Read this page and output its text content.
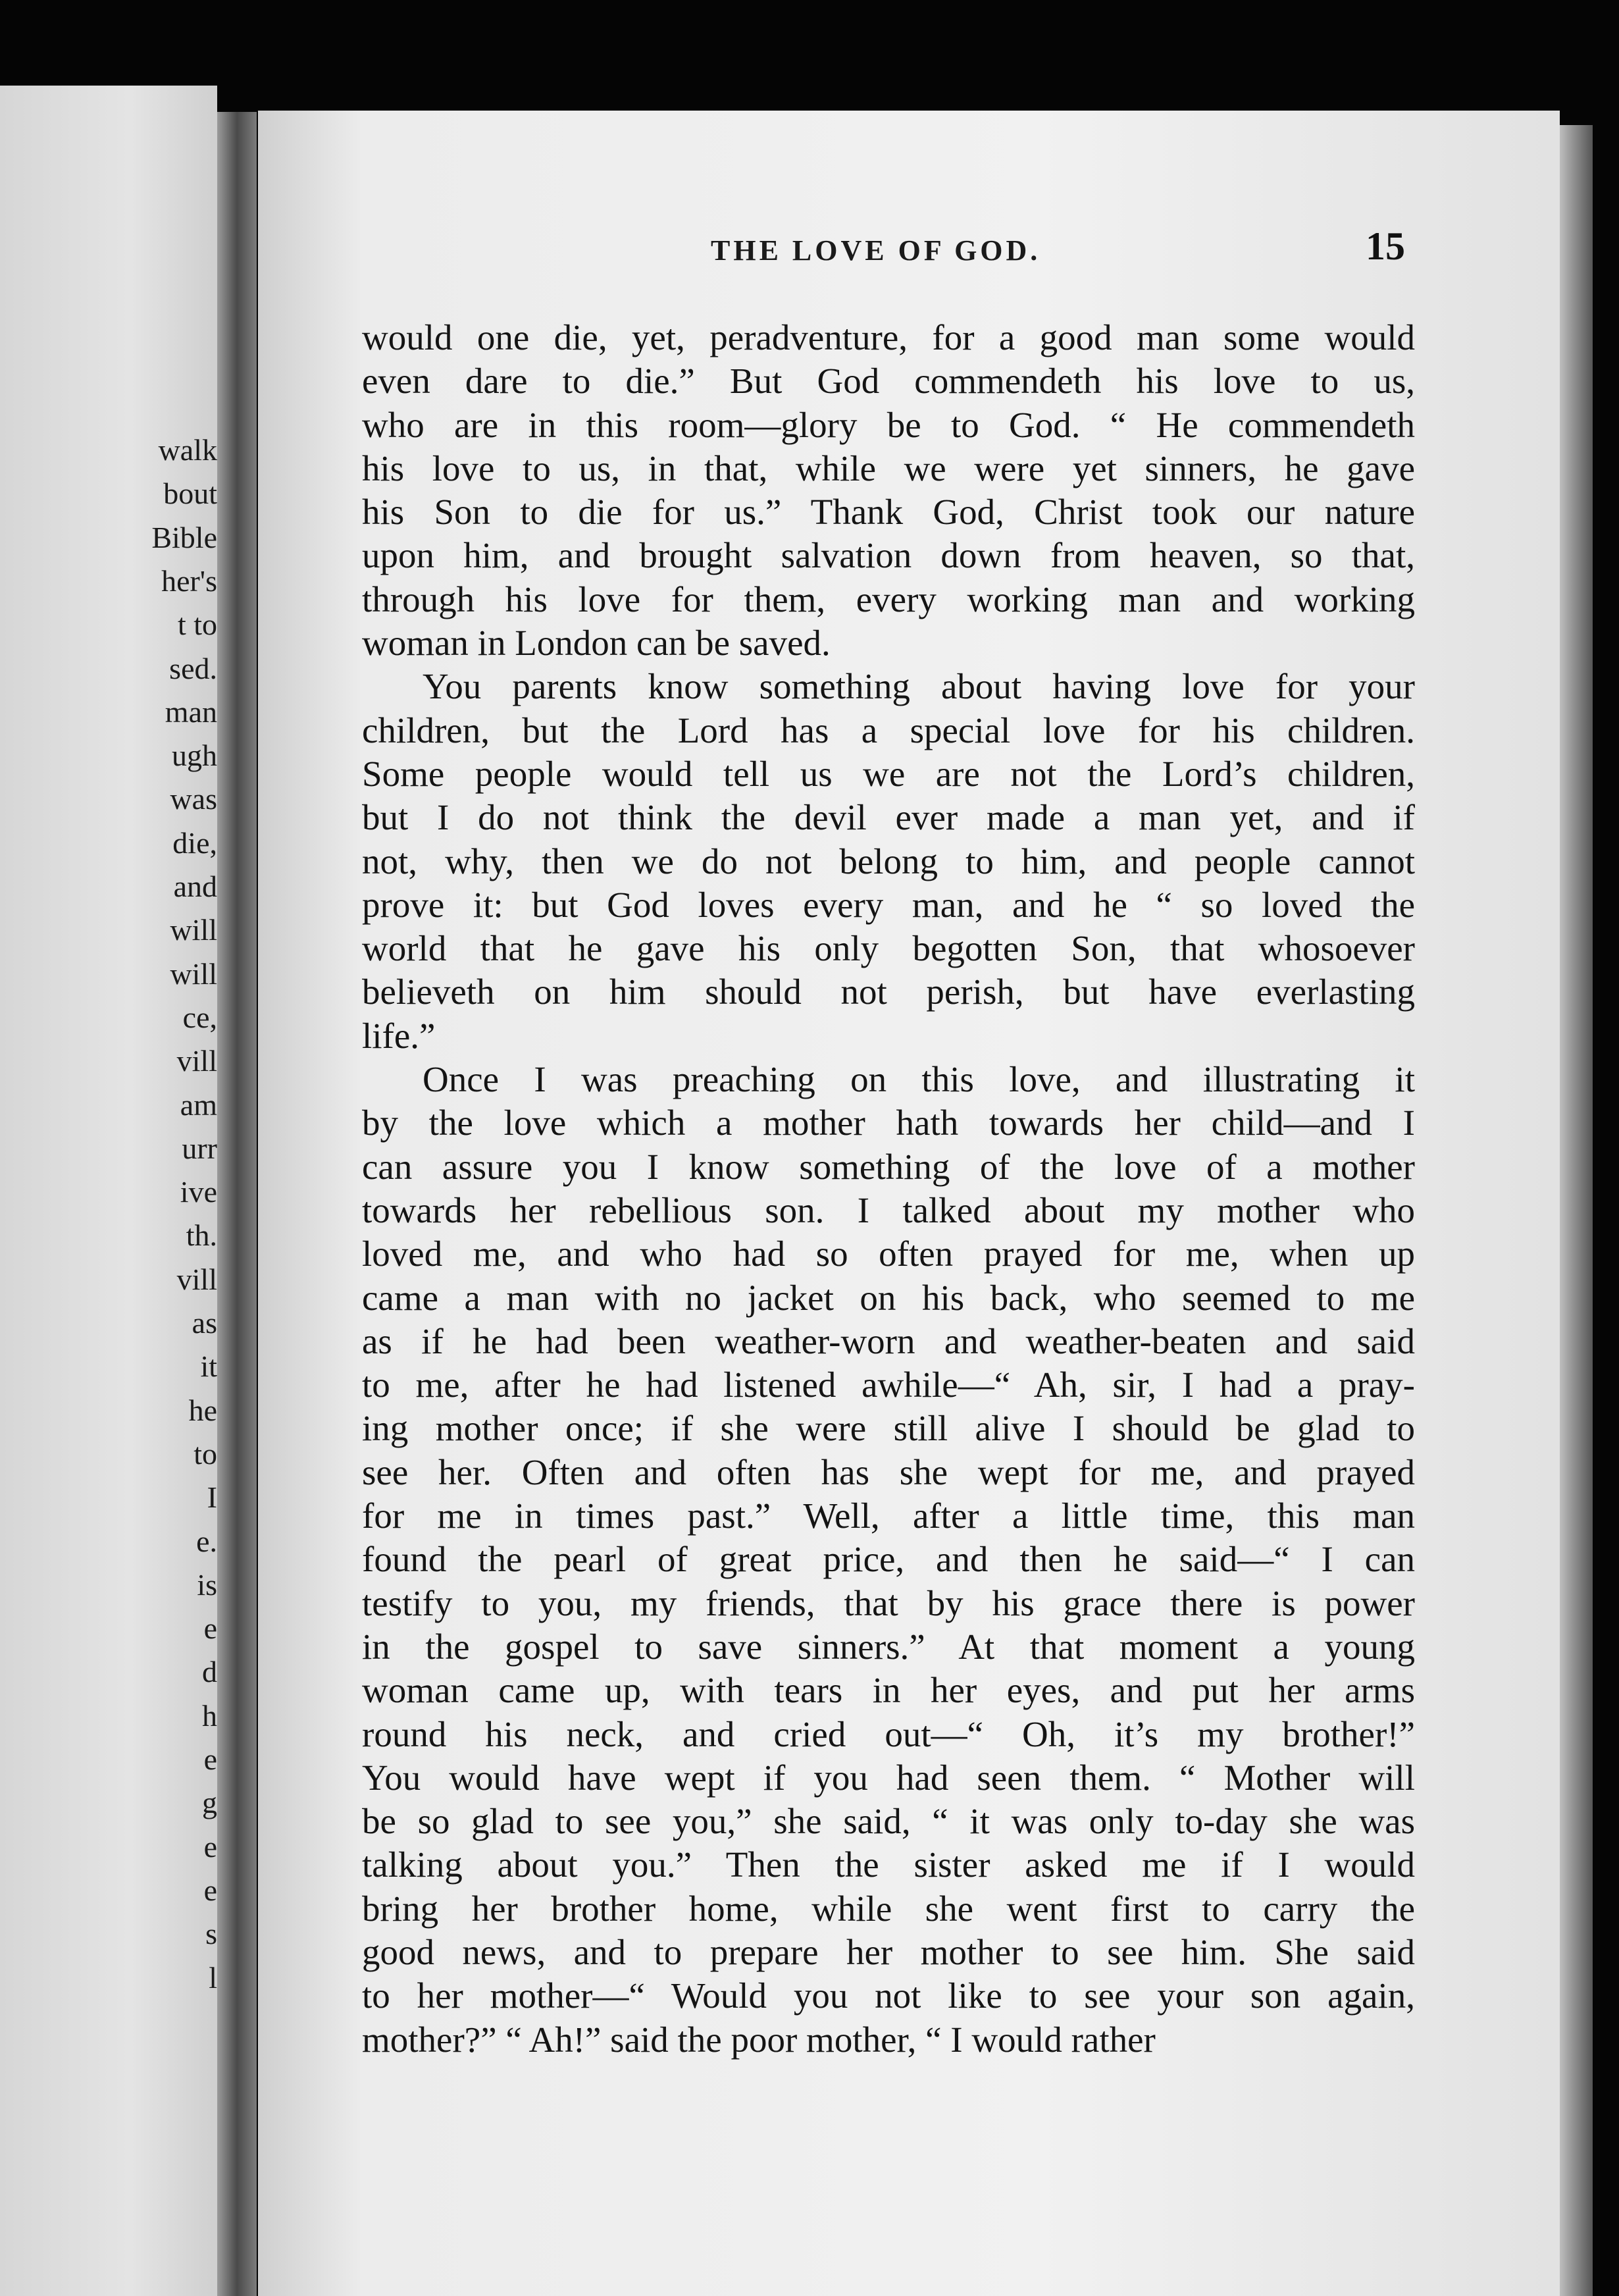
walk
bout
Bible
her's
t to
sed.
man
ugh
was
die,
and
will
will
ce,
vill
am
urr
ive
th.
vill
as
it
he
to
I
e.
is
e
d
h
e
g
e
e
s
l
THE LOVE OF GOD.	15
would one die, yet, peradventure, for a good man some would
even dare to die.” But God commendeth his love to us,
who are in this room—glory be to God. “ He commendeth
his love to us, in that, while we were yet sinners, he gave
his Son to die for us.” Thank God, Christ took our nature
upon him, and brought salvation down from heaven, so that,
through his love for them, every working man and working
woman in London can be saved.
You parents know something about having love for your
children, but the Lord has a special love for his children.
Some people would tell us we are not the Lord’s children,
but I do not think the devil ever made a man yet, and if
not, why, then we do not belong to him, and people cannot
prove it: but God loves every man, and he “ so loved the
world that he gave his only begotten Son, that whosoever
believeth on him should not perish, but have everlasting
life.”
Once I was preaching on this love, and illustrating it
by the love which a mother hath towards her child—and I
can assure you I know something of the love of a mother
towards her rebellious son. I talked about my mother who
loved me, and who had so often prayed for me, when up
came a man with no jacket on his back, who seemed to me
as if he had been weather-worn and weather-beaten and said
to me, after he had listened awhile—“ Ah, sir, I had a pray-
ing mother once; if she were still alive I should be glad to
see her. Often and often has she wept for me, and prayed
for me in times past.” Well, after a little time, this man
found the pearl of great price, and then he said—“ I can
testify to you, my friends, that by his grace there is power
in the gospel to save sinners.” At that moment a young
woman came up, with tears in her eyes, and put her arms
round his neck, and cried out—“ Oh, it’s my brother!”
You would have wept if you had seen them. “ Mother will
be so glad to see you,” she said, “ it was only to-day she was
talking about you.” Then the sister asked me if I would
bring her brother home, while she went first to carry the
good news, and to prepare her mother to see him. She said
to her mother—“ Would you not like to see your son again,
mother?” “ Ah!” said the poor mother, “ I would rather
